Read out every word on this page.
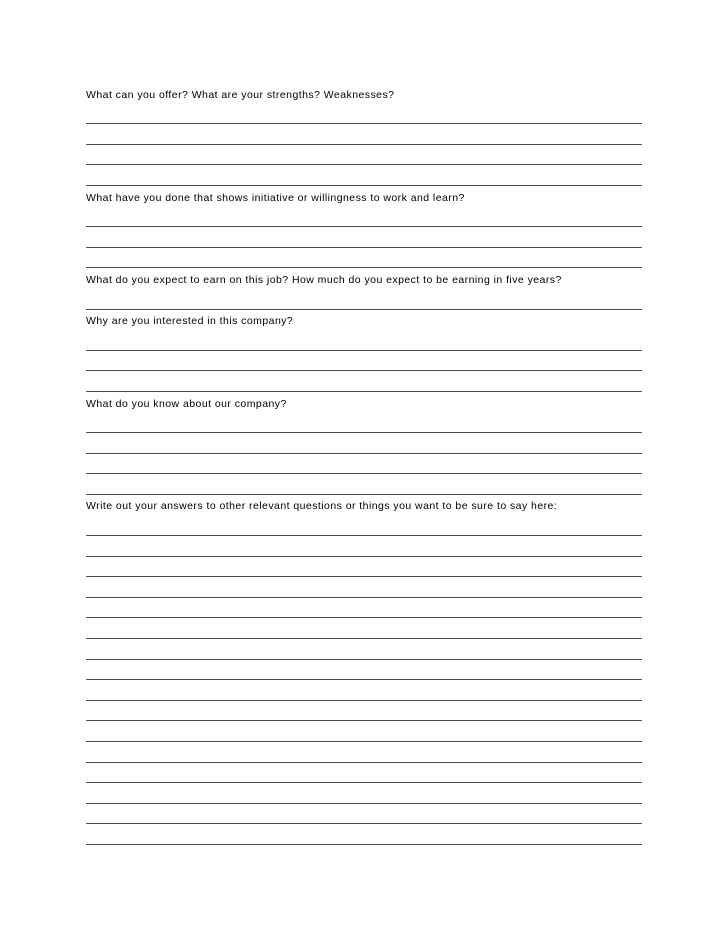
What can you offer? What are your strengths? Weaknesses?
What have you done that shows initiative or willingness to work and learn?
What do you expect to earn on this job? How much do you expect to be earning in five years?
Why are you interested in this company?
What do you know about our company?
Write out your answers to other relevant questions or things you want to be sure to say here:
